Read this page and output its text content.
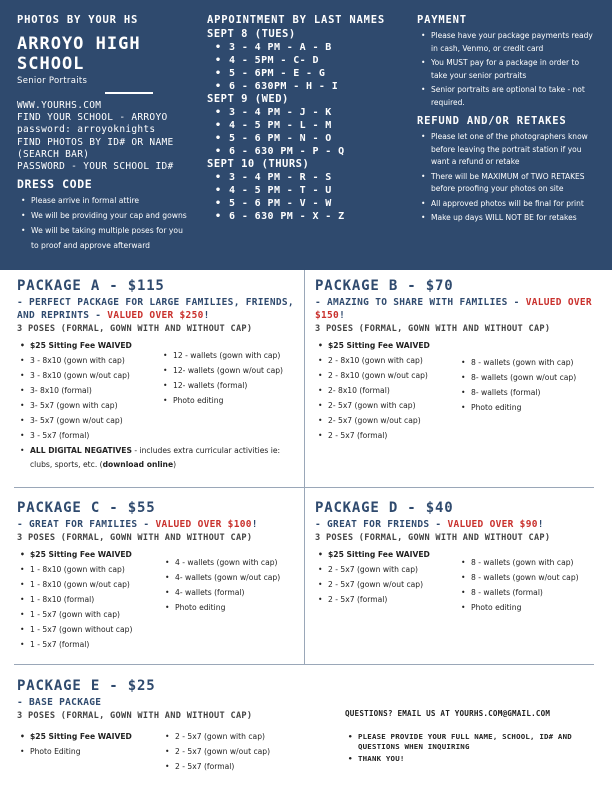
PHOTOS BY YOUR HS
ARROYO HIGH
SCHOOL
Senior Portraits
WWW.YOURHS.COM
FIND YOUR SCHOOL - ARROYO
password: arroyoknights
FIND PHOTOS BY ID# OR NAME
(SEARCH BAR)
PASSWORD - YOUR SCHOOL ID#
DRESS CODE
• Please arrive in formal attire
• We will be providing your cap and gowns
• We will be taking multiple poses for you
to proof and approve afterward
APPOINTMENT BY LAST NAMES
SEPT 8 (TUES)
• 3 - 4 PM - A - B
• 4 - 5PM - C- D
• 5 - 6PM - E - G
• 6 - 630PM - H - I
SEPT 9 (WED)
• 3 - 4 PM - J - K
• 4 - 5 PM - L - M
• 5 - 6 PM - N - O
• 6 - 630 PM - P - Q
SEPT 10 (THURS)
• 3 - 4 PM - R - S
• 4 - 5 PM - T - U
• 5 - 6 PM - V - W
• 6 - 630 PM - X - Z
PAYMENT
• Please have your package payments ready in cash, Venmo, or credit card
• You MUST pay for a package in order to take your senior portraits
• Senior portraits are optional to take - not required.
REFUND AND/OR RETAKES
• Please let one of the photographers know before leaving the portrait station if you want a refund or retake
• There will be MAXIMUM of TWO RETAKES before proofing your photos on site
• All approved photos will be final for print
• Make up days WILL NOT BE for retakes
PACKAGE A - $115
- PERFECT PACKAGE FOR LARGE FAMILIES, FRIENDS, AND REPRINTS - VALUED OVER $250!
3 POSES (FORMAL, GOWN WITH AND WITHOUT CAP)
• $25 Sitting Fee WAIVED
• 3 - 8x10 (gown with cap)
• 3 - 8x10 (gown w/out cap)
• 3- 8x10 (formal)
• 3- 5x7 (gown with cap)
• 3- 5x7 (gown w/out cap)
• 3 - 5x7 (formal)
• 12 - wallets (gown with cap)
• 12- wallets (gown w/out cap)
• 12- wallets (formal)
• Photo editing
• ALL DIGITAL NEGATIVES - includes extra curricular activities ie: clubs, sports, etc. (download online)
PACKAGE B - $70
- AMAZING TO SHARE WITH FAMILIES - VALUED OVER $150!
3 POSES (FORMAL, GOWN WITH AND WITHOUT CAP)
• $25 Sitting Fee WAIVED
• 2 - 8x10 (gown with cap)
• 2 - 8x10 (gown w/out cap)
• 2- 8x10 (formal)
• 2- 5x7 (gown with cap)
• 2- 5x7 (gown w/out cap)
• 2 - 5x7 (formal)
• 8 - wallets (gown with cap)
• 8- wallets (gown w/out cap)
• 8- wallets (formal)
• Photo editing
PACKAGE C - $55
- GREAT FOR FAMILIES - VALUED OVER $100!
3 POSES (FORMAL, GOWN WITH AND WITHOUT CAP)
• $25 Sitting Fee WAIVED
• 1 - 8x10 (gown with cap)
• 1 - 8x10 (gown w/out cap)
• 1 - 8x10 (formal)
• 1 - 5x7 (gown with cap)
• 1 - 5x7 (gown without cap)
• 1 - 5x7 (formal)
• 4 - wallets (gown with cap)
• 4- wallets (gown w/out cap)
• 4- wallets (formal)
• Photo editing
PACKAGE D - $40
- GREAT FOR FRIENDS - VALUED OVER $90!
3 POSES (FORMAL, GOWN WITH AND WITHOUT CAP)
• $25 Sitting Fee WAIVED
• 2 - 5x7 (gown with cap)
• 2 - 5x7 (gown w/out cap)
• 2 - 5x7 (formal)
• 8 - wallets (gown with cap)
• 8 - wallets (gown w/out cap)
• 8 - wallets (formal)
• Photo editing
PACKAGE E - $25
- BASE PACKAGE
3 POSES (FORMAL, GOWN WITH AND WITHOUT CAP)
• $25 Sitting Fee WAIVED
• Photo Editing
• 2 - 5x7 (gown with cap)
• 2 - 5x7 (gown w/out cap)
• 2 - 5x7 (formal)
QUESTIONS? EMAIL US AT YOURHS.COM@GMAIL.COM
• PLEASE PROVIDE YOUR FULL NAME, SCHOOL, ID# AND QUESTIONS WHEN INQUIRING
• THANK YOU!
